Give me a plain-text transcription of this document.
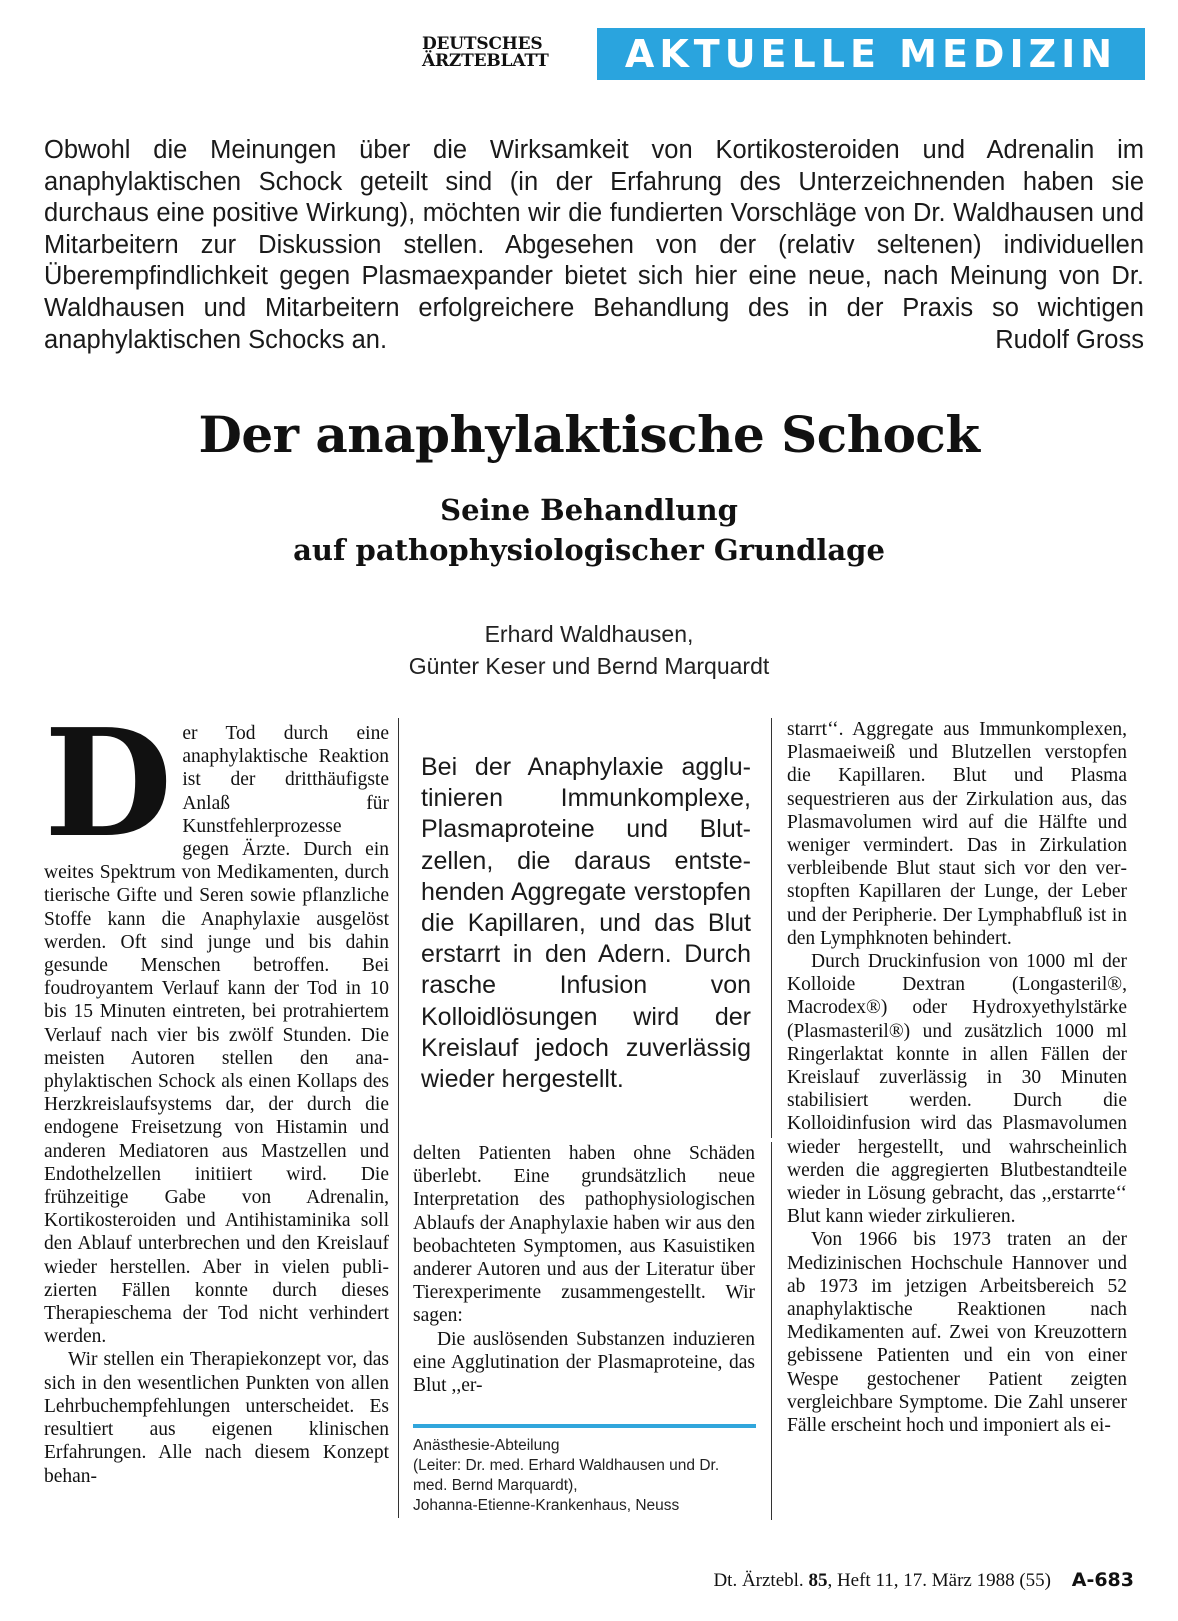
DEUTSCHES
ÄRZTEBLATT	AKTUELLE MEDIZIN
Obwohl die Meinungen über die Wirksamkeit von Kortikosteroiden und Adrenalin im anaphylaktischen Schock geteilt sind (in der Erfahrung des Unterzeichnenden haben sie durchaus eine positive Wirkung), möchten wir die fundierten Vorschläge von Dr. Waldhausen und Mitarbeitern zur Diskussion stellen. Abgesehen von der (relativ seltenen) individuellen Überempfindlichkeit gegen Plasmaexpander bietet sich hier eine neue, nach Meinung von Dr. Waldhausen und Mitarbeitern erfolgreichere Behandlung des in der Praxis so wichtigen anaphylaktischen Schocks an.	Rudolf Gross
Der anaphylaktische Schock
Seine Behandlung
auf pathophysiologischer Grundlage
Erhard Waldhausen,
Günter Keser und Bernd Marquardt
D er Tod durch eine anaphylaktische Reaktion ist der dritthäufigste Anlaß für Kunstfehlerprozesse gegen Ärzte. Durch ein weites Spektrum von Medikamenten, durch tierische Gifte und Seren sowie pflanzliche Stoffe kann die Anaphylaxie ausgelöst werden. Oft sind junge und bis dahin gesunde Menschen betroffen. Bei foudroyantem Verlauf kann der Tod in 10 bis 15 Minuten eintreten, bei protrahiertem Verlauf nach vier bis zwölf Stunden. Die meisten Autoren stellen den anaphylaktischen Schock als einen Kollaps des Herzkreislaufsystems dar, der durch die endogene Freisetzung von Histamin und anderen Mediatoren aus Mastzellen und Endothelzellen initiiert wird. Die frühzeitige Gabe von Adrenalin, Kortikosteroiden und Antihistaminika soll den Ablauf unterbrechen und den Kreislauf wieder herstellen. Aber in vielen publizierten Fällen konnte durch dieses Therapieschema der Tod nicht verhindert werden.

Wir stellen ein Therapiekonzept vor, das sich in den wesentlichen Punkten von allen Lehrbuchempfehlungen unterscheidet. Es resultiert aus eigenen klinischen Erfahrungen. Alle nach diesem Konzept behan-

Bei der Anaphylaxie agglutinieren Immunkomplexe, Plasmaproteine und Blutzellen, die daraus entstehenden Aggregate verstopfen die Kapillaren, und das Blut erstarrt in den Adern. Durch rasche Infusion von Kolloidlösungen wird der Kreislauf jedoch zuverlässig wieder hergestellt.

delten Patienten haben ohne Schäden überlebt. Eine grundsätzlich neue Interpretation des pathophysiologischen Ablaufs der Anaphylaxie haben wir aus den beobachteten Symptomen, aus Kasuistiken anderer Autoren und aus der Literatur über Tierexperimente zusammengestellt. Wir sagen:

Die auslösenden Substanzen induzieren eine Agglutination der Plasmaproteine, das Blut ,,er-

Anästhesie-Abteilung
(Leiter: Dr. med. Erhard Waldhausen und Dr. med. Bernd Marquardt),
Johanna-Etienne-Krankenhaus, Neuss

starrt‘‘. Aggregate aus Immunkomplexen, Plasmaeiweiß und Blutzellen verstopfen die Kapillaren. Blut und Plasma sequestrieren aus der Zirkulation aus, das Plasmavolumen wird auf die Hälfte und weniger vermindert. Das in Zirkulation verbleibende Blut staut sich vor den verstopften Kapillaren der Lunge, der Leber und der Peripherie. Der Lymphabfluß ist in den Lymphknoten behindert.

Durch Druckinfusion von 1000 ml der Kolloide Dextran (Longasteril®, Macrodex®) oder Hydroxyethylstärke (Plasmasteril®) und zusätzlich 1000 ml Ringerlaktat konnte in allen Fällen der Kreislauf zuverlässig in 30 Minuten stabilisiert werden. Durch die Kolloidinfusion wird das Plasmavolumen wieder hergestellt, und wahrscheinlich werden die aggregierten Blutbestandteile wieder in Lösung gebracht, das ,,erstarrte‘‘ Blut kann wieder zirkulieren.

Von 1966 bis 1973 traten an der Medizinischen Hochschule Hannover und ab 1973 im jetzigen Arbeitsbereich 52 anaphylaktische Reaktionen nach Medikamenten auf. Zwei von Kreuzottern gebissene Patienten und ein von einer Wespe gestochener Patient zeigten vergleichbare Symptome. Die Zahl unserer Fälle erscheint hoch und imponiert als ei-

Dt. Ärztebl. 85, Heft 11, 17. März 1988 (55) A-683
